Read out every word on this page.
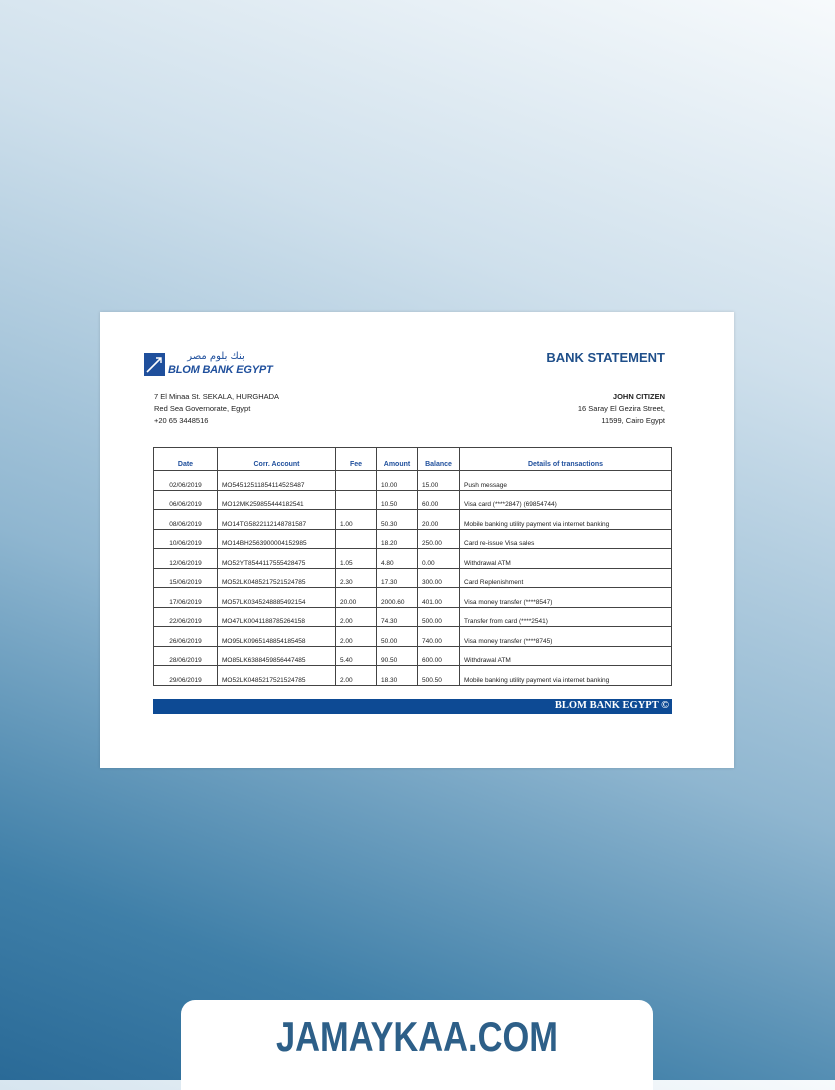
بنك بلوم مصر
BLOM BANK EGYPT
BANK STATEMENT
7 El Minaa St. SEKALA, HURGHADA
Red Sea Governorate, Egypt
+20 65 3448516
JOHN CITIZEN
16 Saray El Gezira Street,
11599, Cairo Egypt
Date	Corr. Account	Fee	Amount	Balance	Details of transactions
02/06/2019	MO5451251185411452S487		10.00	15.00	Push message
06/06/2019	MO12MK259855444182541		10.50	60.00	Visa card (****2847) (69854744)
08/06/2019	MO14TG5822112148781587	1.00	50.30	20.00	Mobile banking utility payment via internet banking
10/06/2019	MO14BH2563900004152985		18.20	250.00	Card re-issue Visa sales
12/06/2019	MO52YT8544117555428475	1.05	4.80	0.00	Withdrawal ATM
15/06/2019	MO52LK0485217521524785	2.30	17.30	300.00	Card Replenishment
17/06/2019	MO57LK0345248885492154	20.00	2000.60	401.00	Visa money transfer (****8547)
22/06/2019	MO47LK0041188785264158	2.00	74.30	500.00	Transfer from card (****2541)
26/06/2019	MO95LK0965148854185458	2.00	50.00	740.00	Visa money transfer (****8745)
28/06/2019	MO85LK6388459856447485	5.40	90.50	600.00	Withdrawal ATM
29/06/2019	MO52LK0485217521524785	2.00	18.30	500.50	Mobile banking utility payment via internet banking
BLOM BANK EGYPT ©
JAMAYKAA.COM
